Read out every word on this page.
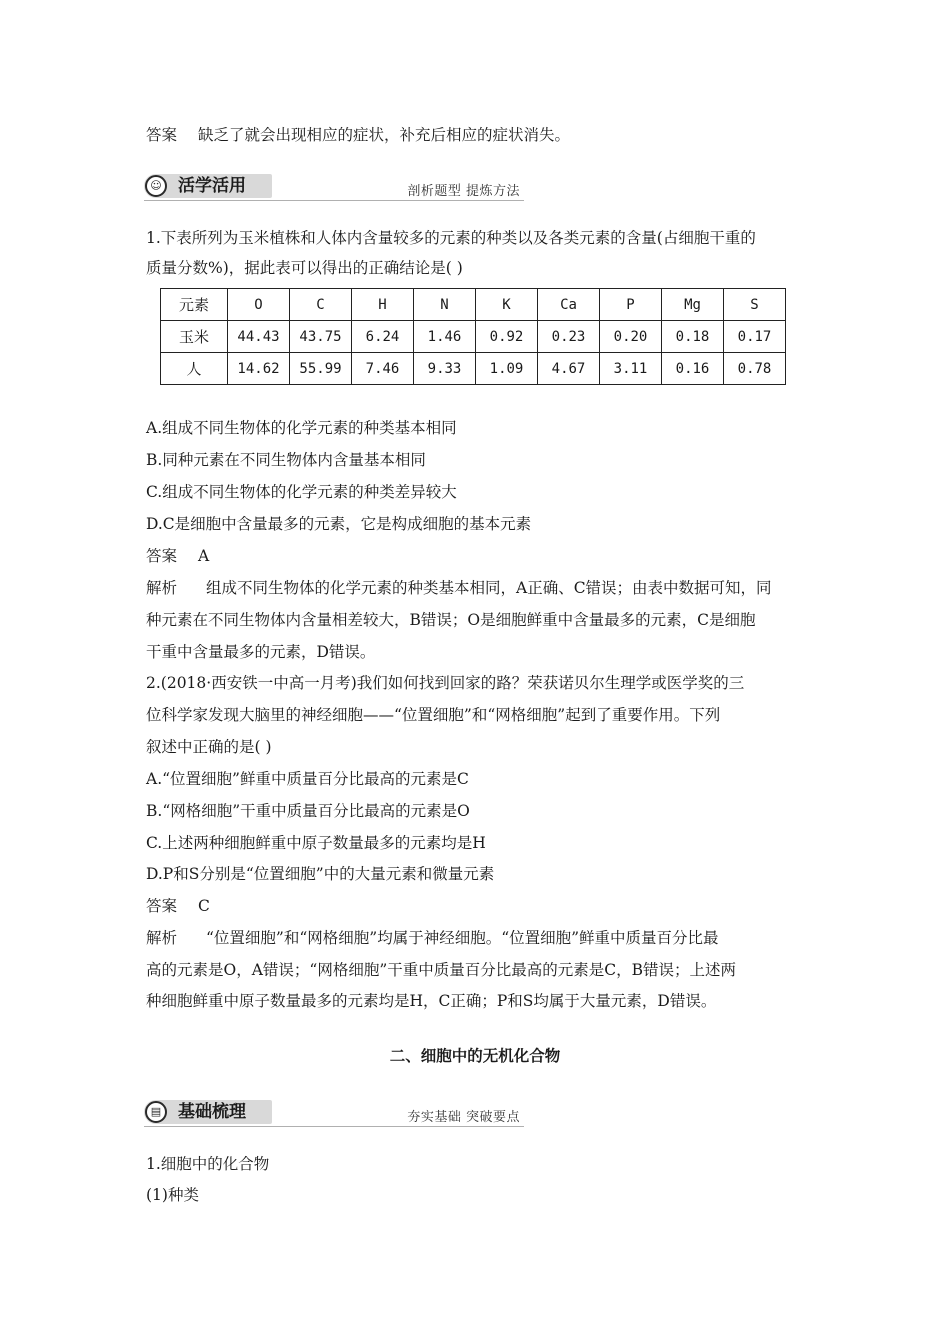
答案 缺乏了就会出现相应的症状，补充后相应的症状消失。
☺ 活学活用	剖析题型 提炼方法
1.下表所列为玉米植株和人体内含量较多的元素的种类以及各类元素的含量(占细胞干重的
质量分数%)，据此表可以得出的正确结论是( )
元素	O	C	H	N	K	Ca	P	Mg	S
玉米	44.43	43.75	6.24	1.46	0.92	0.23	0.20	0.18	0.17
人	14.62	55.99	7.46	9.33	1.09	4.67	3.11	0.16	0.78
A.组成不同生物体的化学元素的种类基本相同
B.同种元素在不同生物体内含量基本相同
C.组成不同生物体的化学元素的种类差异较大
D.C是细胞中含量最多的元素，它是构成细胞的基本元素
答案 A
解析 组成不同生物体的化学元素的种类基本相同，A正确、C错误；由表中数据可知，同
种元素在不同生物体内含量相差较大，B错误；O是细胞鲜重中含量最多的元素，C是细胞
干重中含量最多的元素，D错误。
2.(2018·西安铁一中高一月考)我们如何找到回家的路？荣获诺贝尔生理学或医学奖的三
位科学家发现大脑里的神经细胞——“位置细胞”和“网格细胞”起到了重要作用。下列
叙述中正确的是( )
A.“位置细胞”鲜重中质量百分比最高的元素是C
B.“网格细胞”干重中质量百分比最高的元素是O
C.上述两种细胞鲜重中原子数量最多的元素均是H
D.P和S分别是“位置细胞”中的大量元素和微量元素
答案 C
解析 “位置细胞”和“网格细胞”均属于神经细胞。“位置细胞”鲜重中质量百分比最
高的元素是O，A错误；“网格细胞”干重中质量百分比最高的元素是C，B错误；上述两
种细胞鲜重中原子数量最多的元素均是H，C正确；P和S均属于大量元素，D错误。
二、细胞中的无机化合物
▤ 基础梳理	夯实基础 突破要点
1.细胞中的化合物
(1)种类
